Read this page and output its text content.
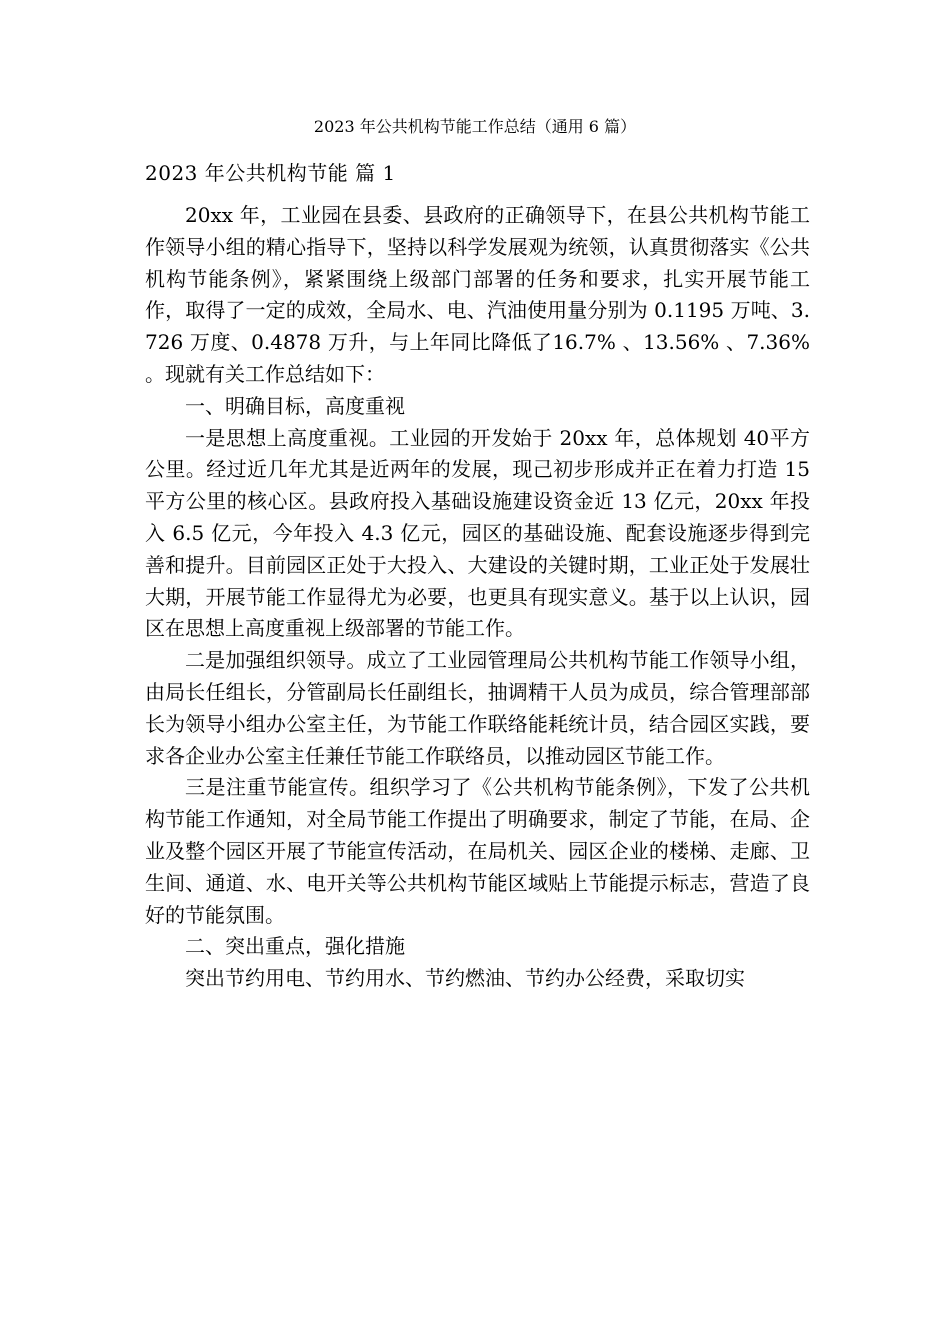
2023 年公共机构节能工作总结（通用 6 篇）
2023 年公共机构节能 篇 1

20xx 年，工业园在县委、县政府的正确领导下，在县公共机构节能工作领导小组的精心指导下，坚持以科学发展观为统领，认真贯彻落实《公共机构节能条例》，紧紧围绕上级部门部署的任务和要求，扎实开展节能工作，取得了一定的成效，全局水、电、汽油使用量分别为 0.1195 万吨、3.726 万度、0.4878 万升，与上年同比降低了16.7% 、13.56% 、7.36% 。现就有关工作总结如下：

一、明确目标，高度重视

一是思想上高度重视。工业园的开发始于 20xx 年，总体规划 40平方公里。经过近几年尤其是近两年的发展，现己初步形成并正在着力打造 15 平方公里的核心区。县政府投入基础设施建设资金近 13 亿元，20xx 年投入 6.5 亿元，今年投入 4.3 亿元，园区的基础设施、配套设施逐步得到完善和提升。目前园区正处于大投入、大建设的关键时期，工业正处于发展壮大期，开展节能工作显得尤为必要，也更具有现实意义。基于以上认识，园区在思想上高度重视上级部署的节能工作。

二是加强组织领导。成立了工业园管理局公共机构节能工作领导小组，由局长任组长，分管副局长任副组长，抽调精干人员为成员，综合管理部部长为领导小组办公室主任，为节能工作联络能耗统计员，结合园区实践，要求各企业办公室主任兼任节能工作联络员，以推动园区节能工作。

三是注重节能宣传。组织学习了《公共机构节能条例》，下发了公共机构节能工作通知，对全局节能工作提出了明确要求，制定了节能，在局、企业及整个园区开展了节能宣传活动，在局机关、园区企业的楼梯、走廊、卫生间、通道、水、电开关等公共机构节能区域贴上节能提示标志，营造了良好的节能氛围。

二、突出重点，强化措施

突出节约用电、节约用水、节约燃油、节约办公经费，采取切实
